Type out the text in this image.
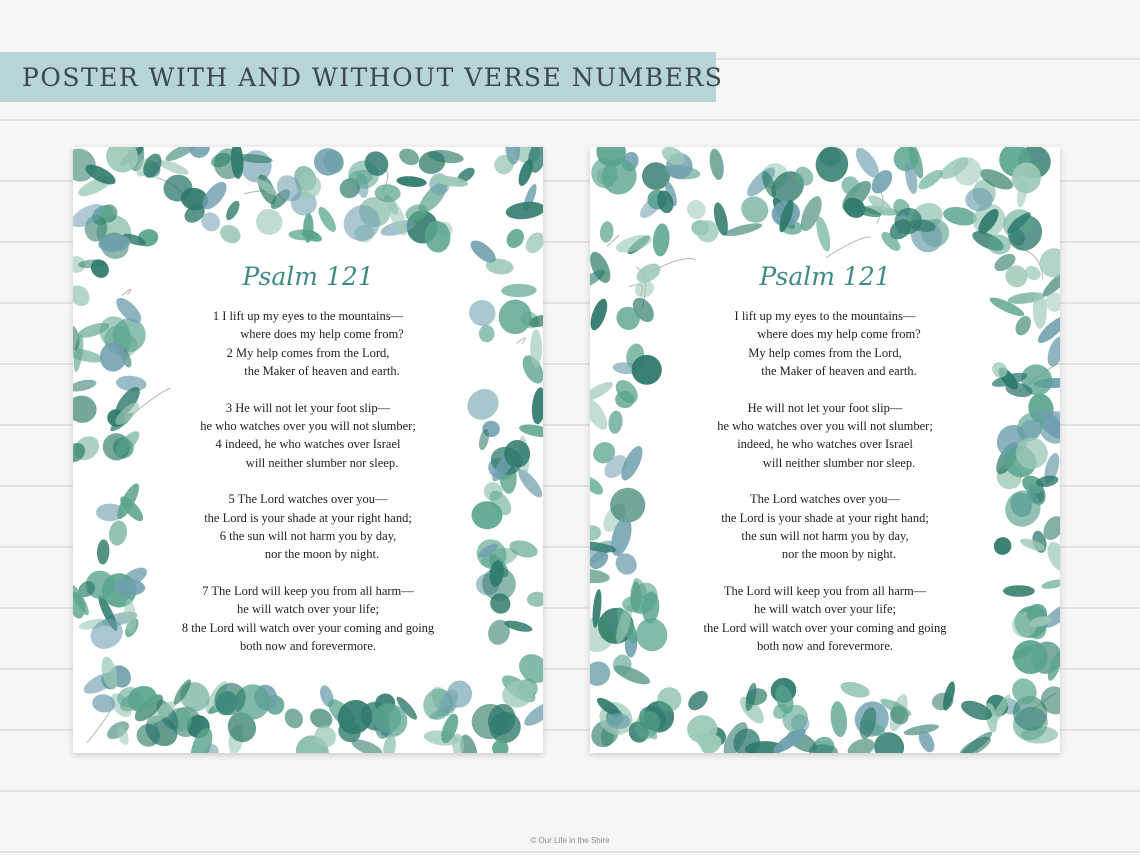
POSTER WITH AND WITHOUT VERSE NUMBERS
Psalm 121
1 I lift up my eyes to the mountains—
where does my help come from?
2 My help comes from the Lord,
the Maker of heaven and earth.
3 He will not let your foot slip—
he who watches over you will not slumber;
4 indeed, he who watches over Israel
will neither slumber nor sleep.
5 The Lord watches over you—
the Lord is your shade at your right hand;
6 the sun will not harm you by day,
nor the moon by night.
7 The Lord will keep you from all harm—
he will watch over your life;
8 the Lord will watch over your coming and going
both now and forevermore.
Psalm 121
I lift up my eyes to the mountains—
where does my help come from?
My help comes from the Lord,
the Maker of heaven and earth.
He will not let your foot slip—
he who watches over you will not slumber;
indeed, he who watches over Israel
will neither slumber nor sleep.
The Lord watches over you—
the Lord is your shade at your right hand;
the sun will not harm you by day,
nor the moon by night.
The Lord will keep you from all harm—
he will watch over your life;
the Lord will watch over your coming and going
both now and forevermore.
© Our Life in the Shire
